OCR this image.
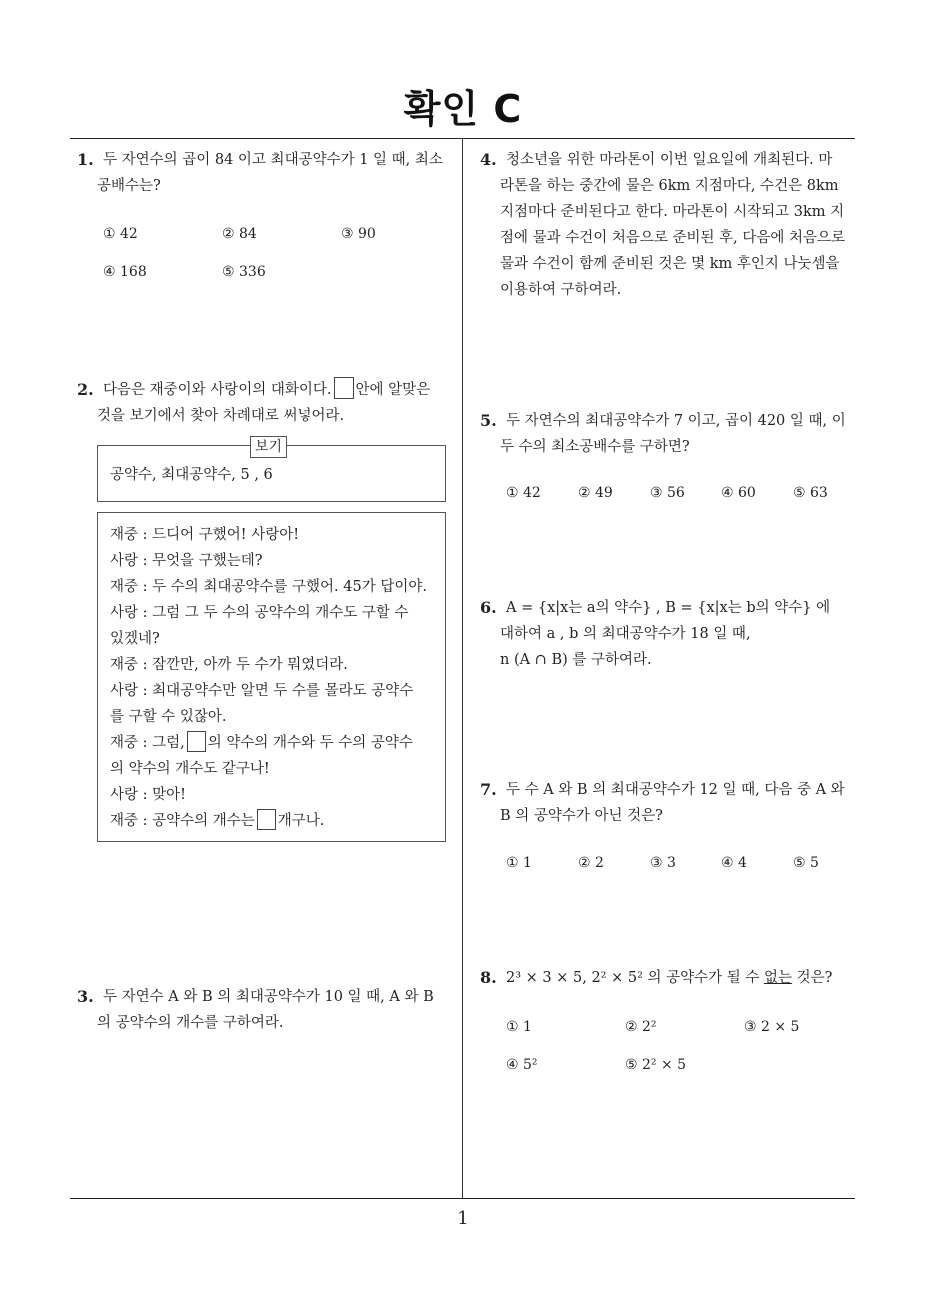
확인 C
1
1. 두 자연수의 곱이 84 이고 최대공약수가 1 일 때, 최소
공배수는?
① 42	② 84	③ 90
④ 168	⑤ 336
2. 다음은 재중이와 사랑이의 대화이다. 안에 알맞은
것을 보기에서 찾아 차례대로 써넣어라.
보기
공약수, 최대공약수, 5 , 6
재중 : 드디어 구했어! 사랑아!
사랑 : 무엇을 구했는데?
재중 : 두 수의 최대공약수를 구했어. 45가 답이야.
사랑 : 그럼 그 두 수의 공약수의 개수도 구할 수
있겠네?
재중 : 잠깐만, 아까 두 수가 뭐였더라.
사랑 : 최대공약수만 알면 두 수를 몰라도 공약수
를 구할 수 있잖아.
재중 : 그럼, 의 약수의 개수와 두 수의 공약수
의 약수의 개수도 같구나!
사랑 : 맞아!
재중 : 공약수의 개수는 개구나.
3. 두 자연수 A 와 B 의 최대공약수가 10 일 때, A 와 B
의 공약수의 개수를 구하여라.
4. 청소년을 위한 마라톤이 이번 일요일에 개최된다. 마
라톤을 하는 중간에 물은 6km 지점마다, 수건은 8km
지점마다 준비된다고 한다. 마라톤이 시작되고 3km 지
점에 물과 수건이 처음으로 준비된 후, 다음에 처음으로
물과 수건이 함께 준비된 것은 몇 km 후인지 나눗셈을
이용하여 구하여라.
5. 두 자연수의 최대공약수가 7 이고, 곱이 420 일 때, 이
두 수의 최소공배수를 구하면?
① 42	② 49	③ 56	④ 60	⑤ 63
6. A = {x|x는 a의 약수} , B = {x|x는 b의 약수} 에
대하여 a , b 의 최대공약수가 18 일 때,
n (A ∩ B) 를 구하여라.
7. 두 수 A 와 B 의 최대공약수가 12 일 때, 다음 중 A 와
B 의 공약수가 아닌 것은?
① 1	② 2	③ 3	④ 4	⑤ 5
8. 2³ × 3 × 5, 2² × 5² 의 공약수가 될 수 없는 것은?
① 1	② 2²	③ 2 × 5
④ 5²	⑤ 2² × 5
